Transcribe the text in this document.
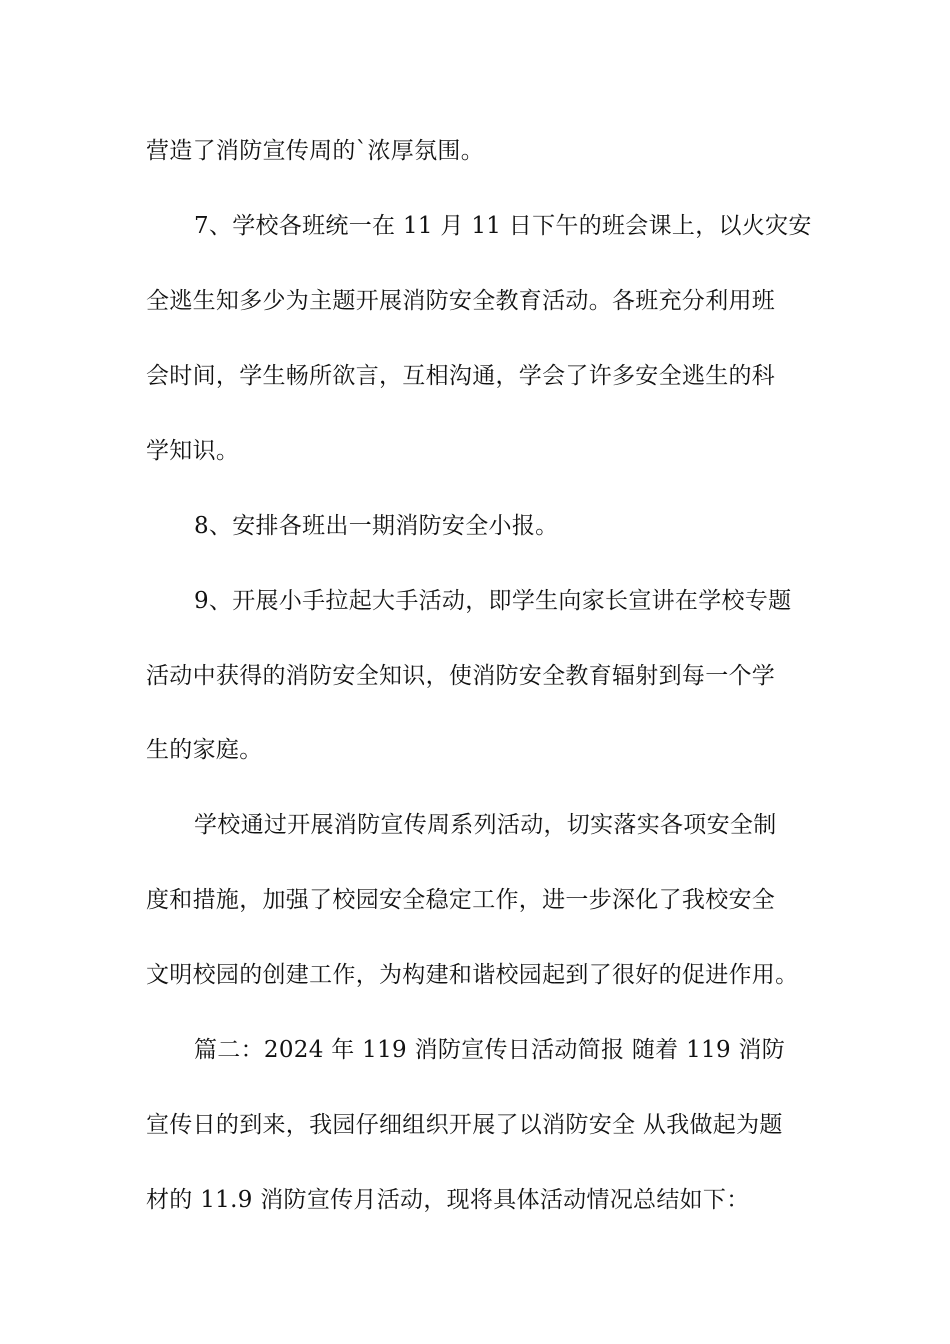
营造了消防宣传周的`浓厚氛围。
7、学校各班统一在 11 月 11 日下午的班会课上，以火灾安
全逃生知多少为主题开展消防安全教育活动。各班充分利用班
会时间，学生畅所欲言，互相沟通，学会了许多安全逃生的科
学知识。
8、安排各班出一期消防安全小报。
9、开展小手拉起大手活动，即学生向家长宣讲在学校专题
活动中获得的消防安全知识，使消防安全教育辐射到每一个学
生的家庭。
学校通过开展消防宣传周系列活动，切实落实各项安全制
度和措施，加强了校园安全稳定工作，进一步深化了我校安全
文明校园的创建工作，为构建和谐校园起到了很好的促进作用。
篇二：2024 年 119 消防宣传日活动简报 随着 119 消防
宣传日的到来，我园仔细组织开展了以消防安全 从我做起为题
材的 11.9 消防宣传月活动，现将具体活动情况总结如下：
